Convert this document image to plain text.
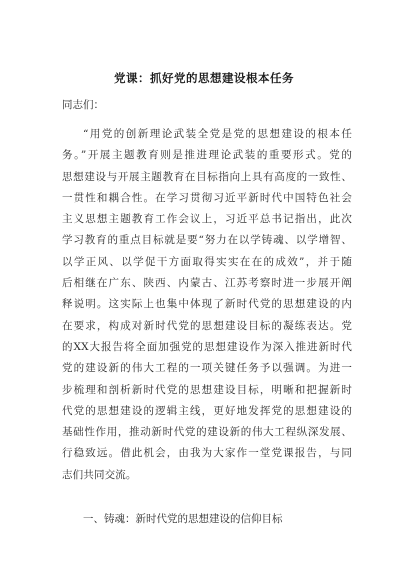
党课：抓好党的思想建设根本任务
同志们：
“用党的创新理论武装全党是党的思想建设的根本任
务。”开展主题教育则是推进理论武装的重要形式。党的
思想建设与开展主题教育在目标指向上具有高度的一致性、
一贯性和耦合性。在学习贯彻习近平新时代中国特色社会
主义思想主题教育工作会议上，习近平总书记指出，此次
学习教育的重点目标就是要“努力在以学铸魂、以学增智、
以学正风、以学促干方面取得实实在在的成效”，并于随
后相继在广东、陕西、内蒙古、江苏考察时进一步展开阐
释说明。这实际上也集中体现了新时代党的思想建设的内
在要求，构成对新时代党的思想建设目标的凝练表达。党
的XX大报告将全面加强党的思想建设作为深入推进新时代
党的建设新的伟大工程的一项关键任务予以强调。为进一
步梳理和剖析新时代党的思想建设目标，明晰和把握新时
代党的思想建设的逻辑主线，更好地发挥党的思想建设的
基础性作用，推动新时代党的建设新的伟大工程纵深发展、
行稳致远。借此机会，由我为大家作一堂党课报告，与同
志们共同交流。
一、铸魂：新时代党的思想建设的信仰目标
